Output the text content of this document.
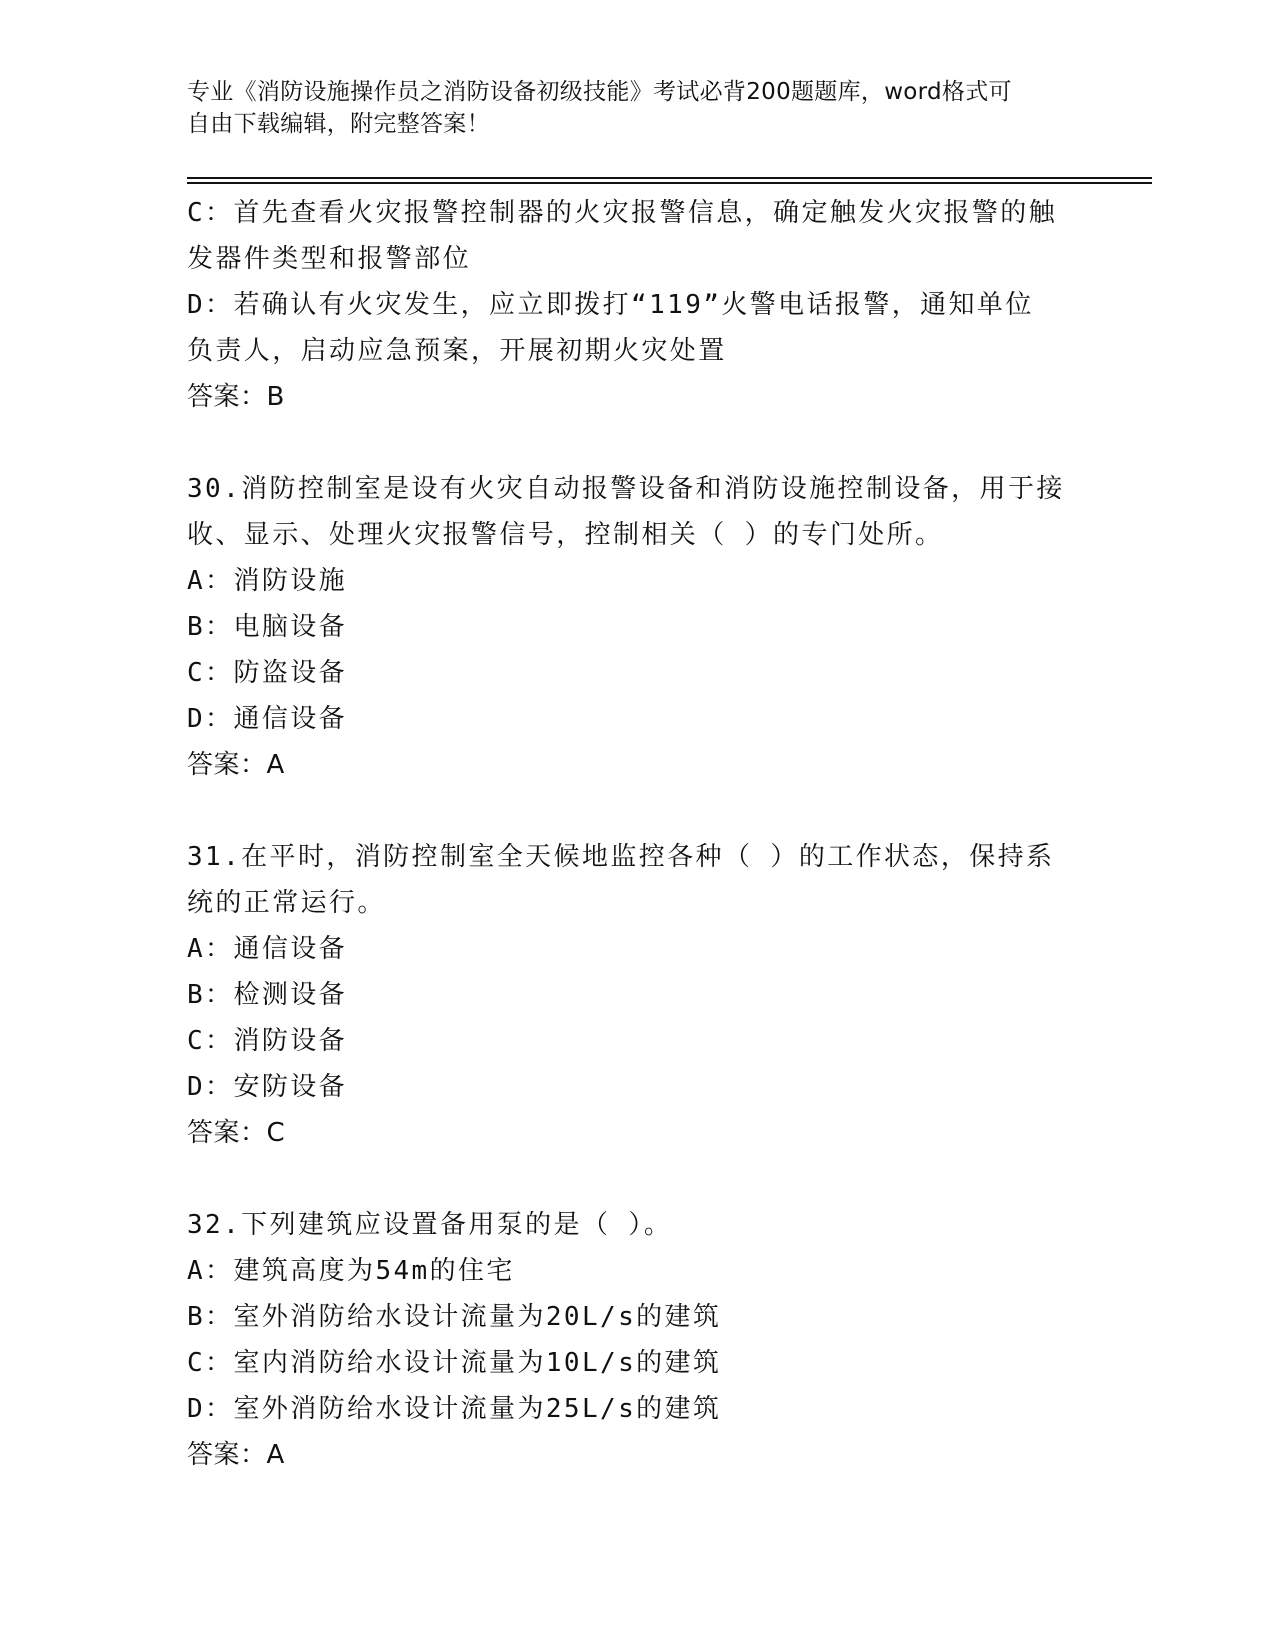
专业《消防设施操作员之消防设备初级技能》考试必背200题题库，word格式可
自由下载编辑，附完整答案！
C：首先查看火灾报警控制器的火灾报警信息，确定触发火灾报警的触
发器件类型和报警部位
D：若确认有火灾发生，应立即拨打“119”火警电话报警，通知单位
负责人，启动应急预案，开展初期火灾处置
答案：B
30.消防控制室是设有火灾自动报警设备和消防设施控制设备，用于接
收、显示、处理火灾报警信号，控制相关（ ）的专门处所。
A：消防设施
B：电脑设备
C：防盗设备
D：通信设备
答案：A
31.在平时，消防控制室全天候地监控各种（ ）的工作状态，保持系
统的正常运行。
A：通信设备
B：检测设备
C：消防设备
D：安防设备
答案：C
32.下列建筑应设置备用泵的是（ ）。
A：建筑高度为54m的住宅
B：室外消防给水设计流量为20L/s的建筑
C：室内消防给水设计流量为10L/s的建筑
D：室外消防给水设计流量为25L/s的建筑
答案：A
